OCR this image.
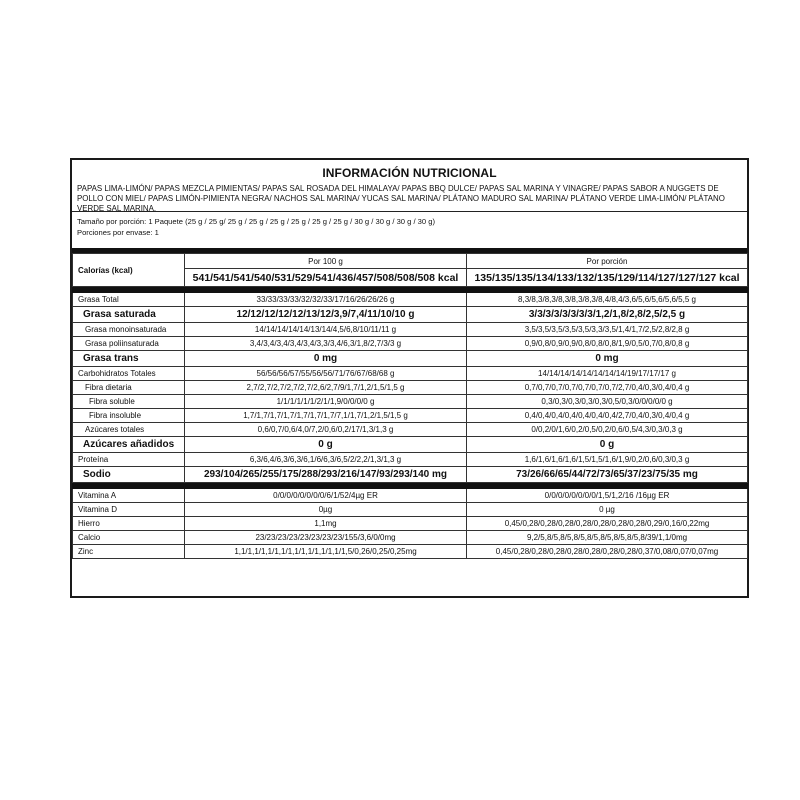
INFORMACIÓN NUTRICIONAL
PAPAS LIMA-LIMÓN/ PAPAS MEZCLA PIMIENTAS/ PAPAS SAL ROSADA DEL HIMALAYA/ PAPAS BBQ DULCE/ PAPAS SAL MARINA Y VINAGRE/ PAPAS SABOR A NUGGETS DE POLLO CON MIEL/ PAPAS LIMÓN-PIMIENTA NEGRA/ NACHOS SAL MARINA/ YUCAS SAL MARINA/ PLÁTANO MADURO SAL MARINA/ PLÁTANO VERDE LIMA-LIMÓN/ PLÁTANO VERDE SAL MARINA.
Tamaño por porción: 1 Paquete (25 g / 25 g/ 25 g / 25 g / 25 g / 25 g / 25 g / 25 g / 30 g / 30 g / 30 g / 30 g)
Porciones por envase: 1
Calorías (kcal)	Por 100 g	Por porción
	541/541/541/540/531/529/541/436/457/508/508/508 kcal	135/135/135/134/133/132/135/129/114/127/127/127 kcal

Grasa Total	33/33/33/33/32/32/33/17/16/26/26/26 g	8,3/8,3/8,3/8,3/8,3/8,3/8,4/8,4/3,6/5,6/5,6/5,6/5,5 g
Grasa saturada	12/12/12/12/12/13/12/3,9/7,4/11/10/10 g	3/3/3/3/3/3/3/3/1,2/1,8/2,8/2,5/2,5 g
Grasa monoinsaturada	14/14/14/14/14/13/14/4,5/6,8/10/11/11 g	3,5/3,5/3,5/3,5/3,5/3,3/3,5/1,4/1,7/2,5/2,8/2,8 g
Grasa poliinsaturada	3,4/3,4/3,4/3,4/3,4/3,3/3,4/6,3/1,8/2,7/3/3 g	0,9/0,8/0,9/0,9/0,8/0,8/0,8/1,9/0,5/0,7/0,8/0,8 g
Grasa trans	0 mg	0 mg
Carbohidratos Totales	56/56/56/57/55/56/56/71/76/67/68/68 g	14/14/14/14/14/14/14/14/19/17/17/17 g
Fibra dietaria	2,7/2,7/2,7/2,7/2,7/2,6/2,7/9/1,7/1,2/1,5/1,5 g	0,7/0,7/0,7/0,7/0,7/0,7/0,7/2,7/0,4/0,3/0,4/0,4 g
Fibra soluble	1/1/1/1/1/1/2/1/1,9/0/0/0/0 g	0,3/0,3/0,3/0,3/0,3/0,5/0,3/0/0/0/0/0 g
Fibra insoluble	1,7/1,7/1,7/1,7/1,7/1,7/1,7/7,1/1,7/1,2/1,5/1,5 g	0,4/0,4/0,4/0,4/0,4/0,4/0,4/2,7/0,4/0,3/0,4/0,4 g
Azúcares totales	0,6/0,7/0,6/4,0/7,2/0,6/0,2/17/1,3/1,3 g	0/0,2/0/1,6/0,2/0,5/0,2/0,6/0,5/4,3/0,3/0,3 g
Azúcares añadidos	0 g	0 g
Proteína	6,3/6,4/6,3/6,3/6,1/6/6,3/6,5/2/2,2/1,3/1,3 g	1,6/1,6/1,6/1,6/1,5/1,5/1,6/1,9/0,2/0,6/0,3/0,3 g
Sodio	293/104/265/255/175/288/293/216/147/93/293/140 mg	73/26/66/65/44/72/73/65/37/23/75/35 mg

Vitamina A	0/0/0/0/0/0/0/0/6/1/52/4µg ER	0/0/0/0/0/0/0/0/1,5/1,2/16 /16µg ER
Vitamina D	0µg	0 µg
Hierro	1,1mg	0,45/0,28/0,28/0,28/0,28/0,28/0,28/0,28/0,29/0,16/0,22mg
Calcio	23/23/23/23/23/23/23/23/155/3,6/0/0mg	9,2/5,8/5,8/5,8/5,8/5,8/5,8/5,8/5,8/39/1,1/0mg
Zinc	1,1/1,1/1,1/1,1/1,1/1,1/1,1/1,1/1,5/0,26/0,25/0,25mg	0,45/0,28/0,28/0,28/0,28/0,28/0,28/0,28/0,37/0,08/0,07/0,07mg
